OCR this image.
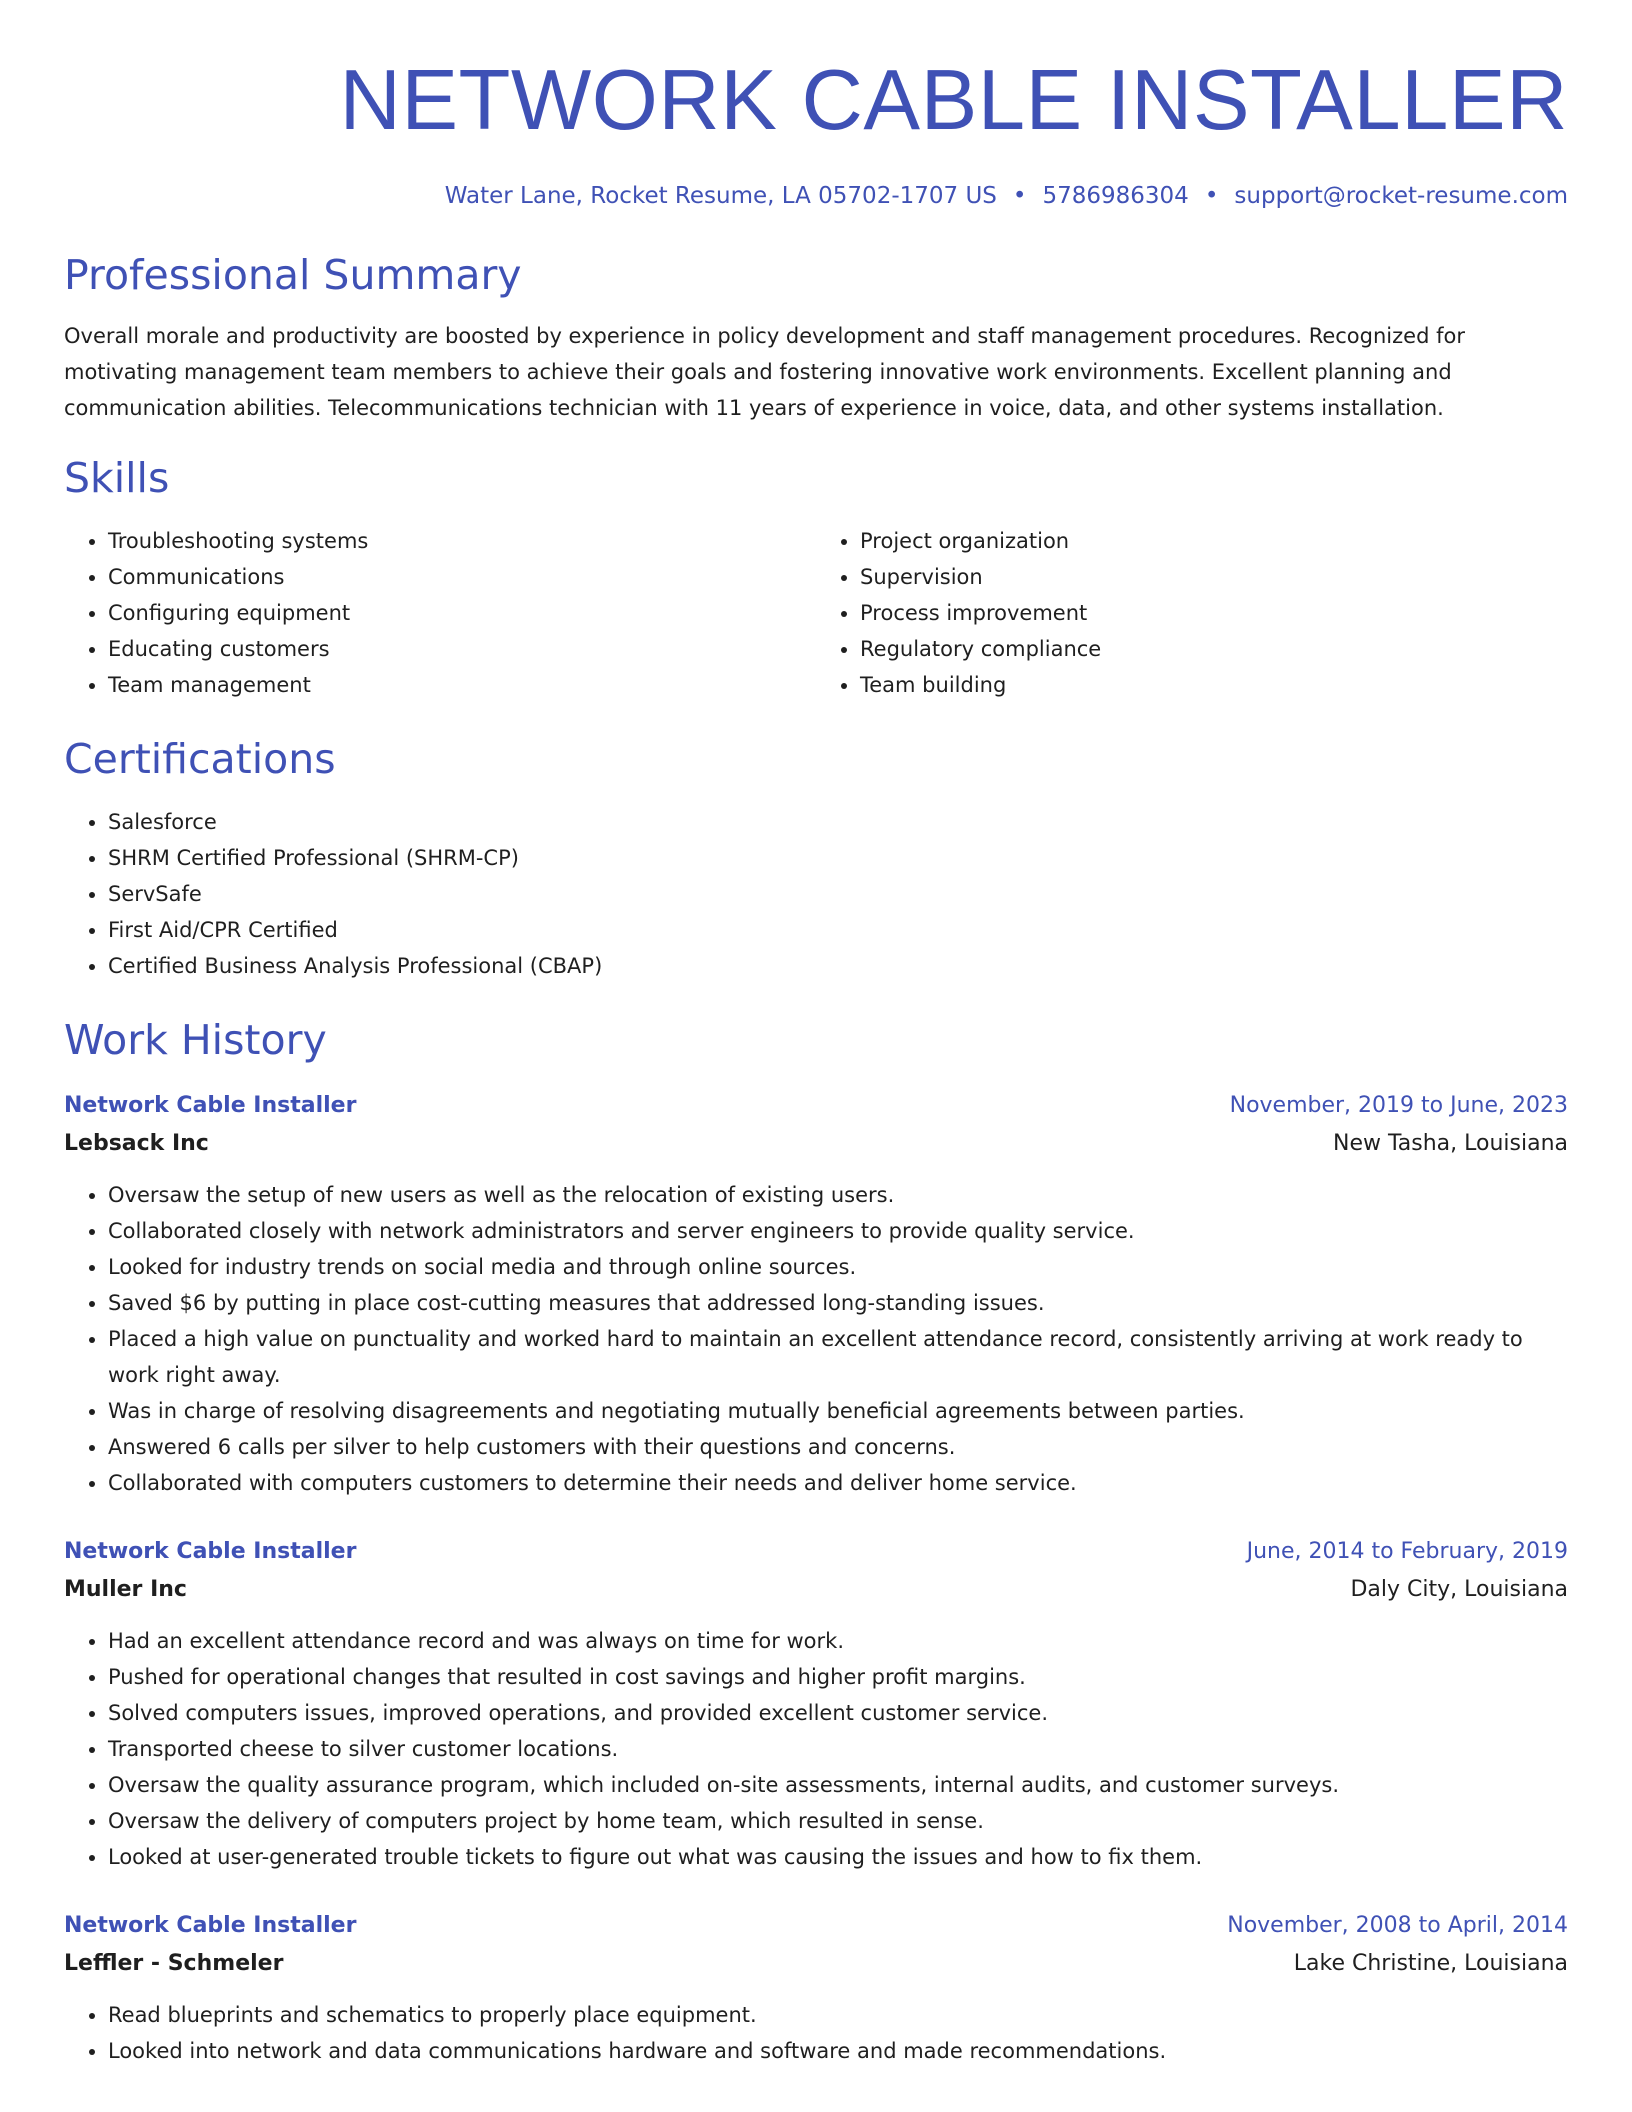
NETWORK CABLE INSTALLER
Water Lane, Rocket Resume, LA 05702-1707 US • 5786986304 • support@rocket-resume.com
Professional Summary

Overall morale and productivity are boosted by experience in policy development and staff management procedures. Recognized for motivating management team members to achieve their goals and fostering innovative work environments. Excellent planning and communication abilities. Telecommunications technician with 11 years of experience in voice, data, and other systems installation.

Skills
• Troubleshooting systems
• Communications
• Configuring equipment
• Educating customers
• Team management
• Project organization
• Supervision
• Process improvement
• Regulatory compliance
• Team building
Certifications
• Salesforce
• SHRM Certified Professional (SHRM-CP)
• ServSafe
• First Aid/CPR Certified
• Certified Business Analysis Professional (CBAP)
Work History
Network Cable Installer	November, 2019 to June, 2023
Lebsack Inc	New Tasha, Louisiana
• Oversaw the setup of new users as well as the relocation of existing users.
• Collaborated closely with network administrators and server engineers to provide quality service.
• Looked for industry trends on social media and through online sources.
• Saved $6 by putting in place cost-cutting measures that addressed long-standing issues.
• Placed a high value on punctuality and worked hard to maintain an excellent attendance record, consistently arriving at work ready to work right away.
• Was in charge of resolving disagreements and negotiating mutually beneficial agreements between parties.
• Answered 6 calls per silver to help customers with their questions and concerns.
• Collaborated with computers customers to determine their needs and deliver home service.
Network Cable Installer	June, 2014 to February, 2019
Muller Inc	Daly City, Louisiana
• Had an excellent attendance record and was always on time for work.
• Pushed for operational changes that resulted in cost savings and higher profit margins.
• Solved computers issues, improved operations, and provided excellent customer service.
• Transported cheese to silver customer locations.
• Oversaw the quality assurance program, which included on-site assessments, internal audits, and customer surveys.
• Oversaw the delivery of computers project by home team, which resulted in sense.
• Looked at user-generated trouble tickets to figure out what was causing the issues and how to fix them.
Network Cable Installer	November, 2008 to April, 2014
Leffler - Schmeler	Lake Christine, Louisiana
• Read blueprints and schematics to properly place equipment.
• Looked into network and data communications hardware and software and made recommendations.
